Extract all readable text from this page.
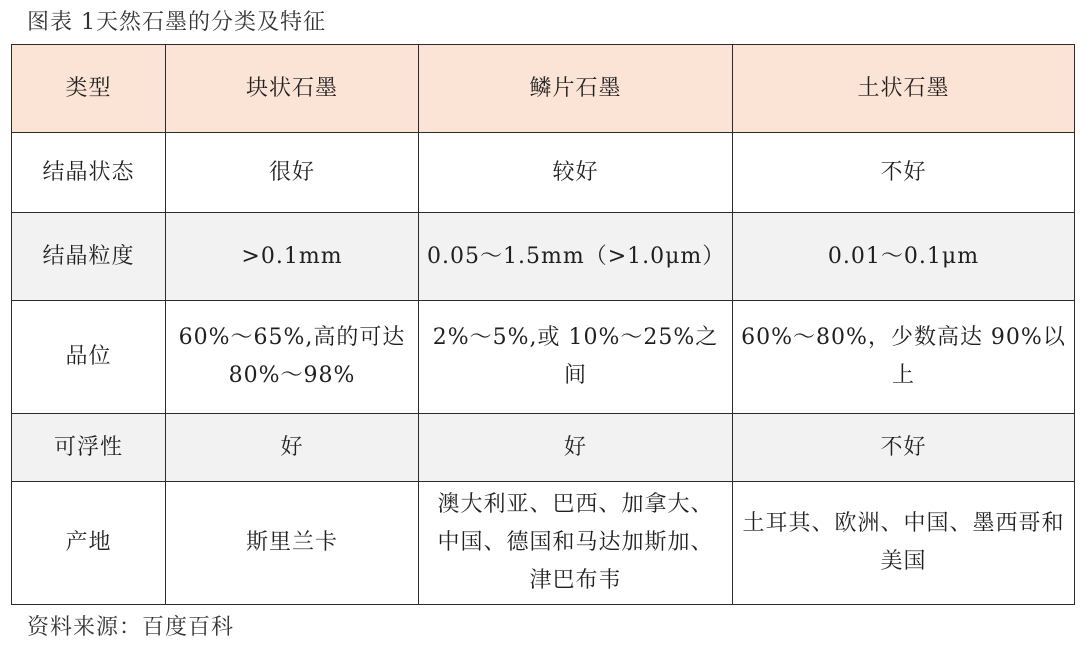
图表 1天然石墨的分类及特征
类型	块状石墨	鳞片石墨	土状石墨
结晶状态	很好	较好	不好
结晶粒度	>0.1mm	0.05～1.5mm（>1.0μm）	0.01～0.1μm
品位	60%～65%,高的可达80%～98%	2%～5%,或 10%～25%之间	60%～80%，少数高达 90%以上
可浮性	好	好	不好
产地	斯里兰卡	澳大利亚、巴西、加拿大、中国、德国和马达加斯加、津巴布韦	土耳其、欧洲、中国、墨西哥和美国
资料来源：百度百科
